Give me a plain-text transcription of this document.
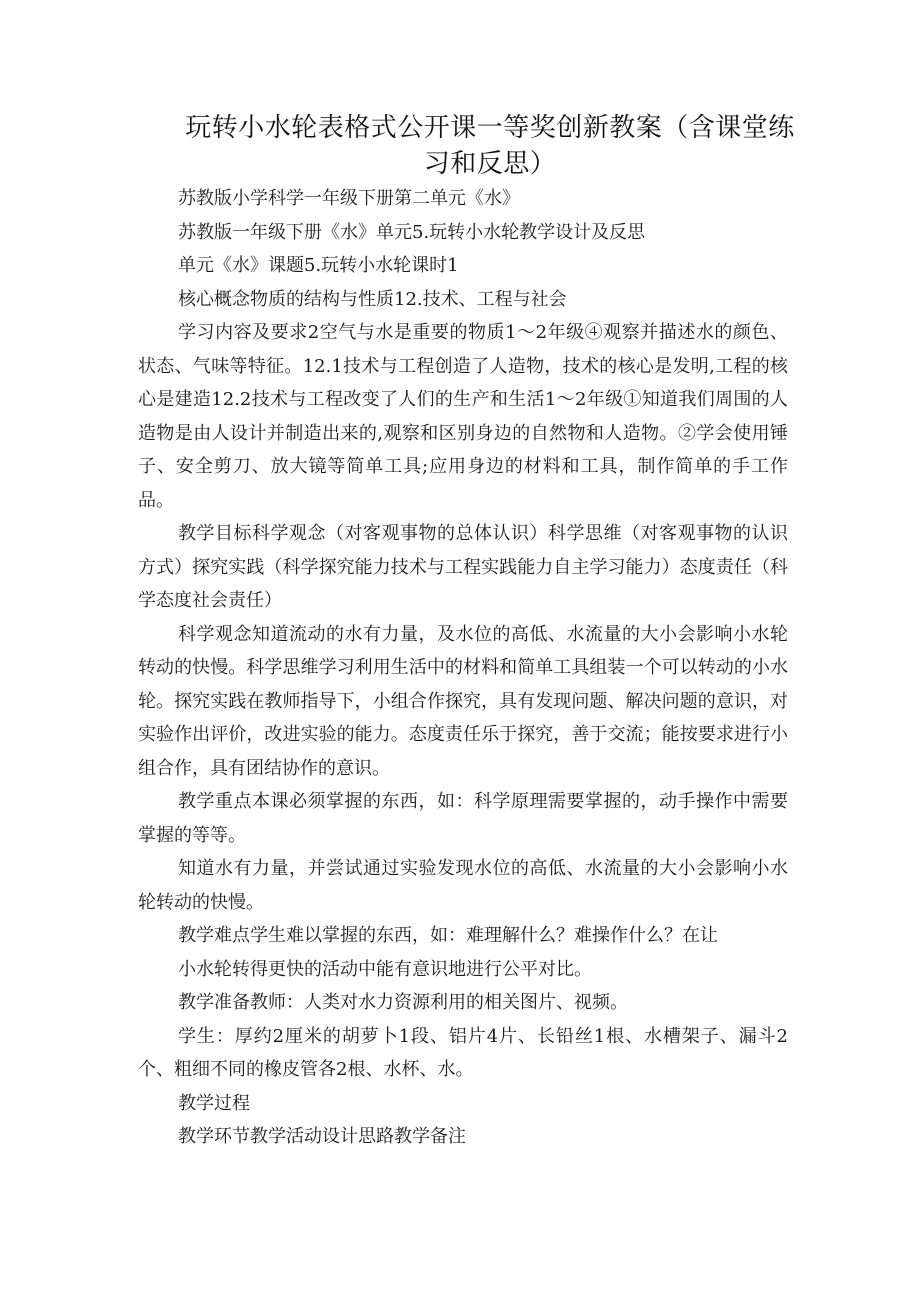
玩转小水轮表格式公开课一等奖创新教案（含课堂练习和反思）

苏教版小学科学一年级下册第二单元《水》

苏教版一年级下册《水》单元5.玩转小水轮教学设计及反思

单元《水》课题5.玩转小水轮课时1

核心概念物质的结构与性质12.技术、工程与社会

学习内容及要求2空气与水是重要的物质1～2年级④观察并描述水的颜色、状态、气味等特征。12.1技术与工程创造了人造物，技术的核心是发明,工程的核心是建造12.2技术与工程改变了人们的生产和生活1～2年级①知道我们周围的人造物是由人设计并制造出来的,观察和区别身边的自然物和人造物。②学会使用锤子、安全剪刀、放大镜等简单工具;应用身边的材料和工具，制作简单的手工作品。

教学目标科学观念（对客观事物的总体认识）科学思维（对客观事物的认识方式）探究实践（科学探究能力技术与工程实践能力自主学习能力）态度责任（科学态度社会责任）

科学观念知道流动的水有力量，及水位的高低、水流量的大小会影响小水轮转动的快慢。科学思维学习利用生活中的材料和简单工具组装一个可以转动的小水轮。探究实践在教师指导下，小组合作探究，具有发现问题、解决问题的意识，对实验作出评价，改进实验的能力。态度责任乐于探究，善于交流；能按要求进行小组合作，具有团结协作的意识。

教学重点本课必须掌握的东西，如：科学原理需要掌握的，动手操作中需要掌握的等等。

知道水有力量，并尝试通过实验发现水位的高低、水流量的大小会影响小水轮转动的快慢。

教学难点学生难以掌握的东西，如：难理解什么？难操作什么？在让

小水轮转得更快的活动中能有意识地进行公平对比。

教学准备教师：人类对水力资源利用的相关图片、视频。

学生：厚约2厘米的胡萝卜1段、铝片4片、长铅丝1根、水槽架子、漏斗2个、粗细不同的橡皮管各2根、水杯、水。

教学过程

教学环节教学活动设计思路教学备注
